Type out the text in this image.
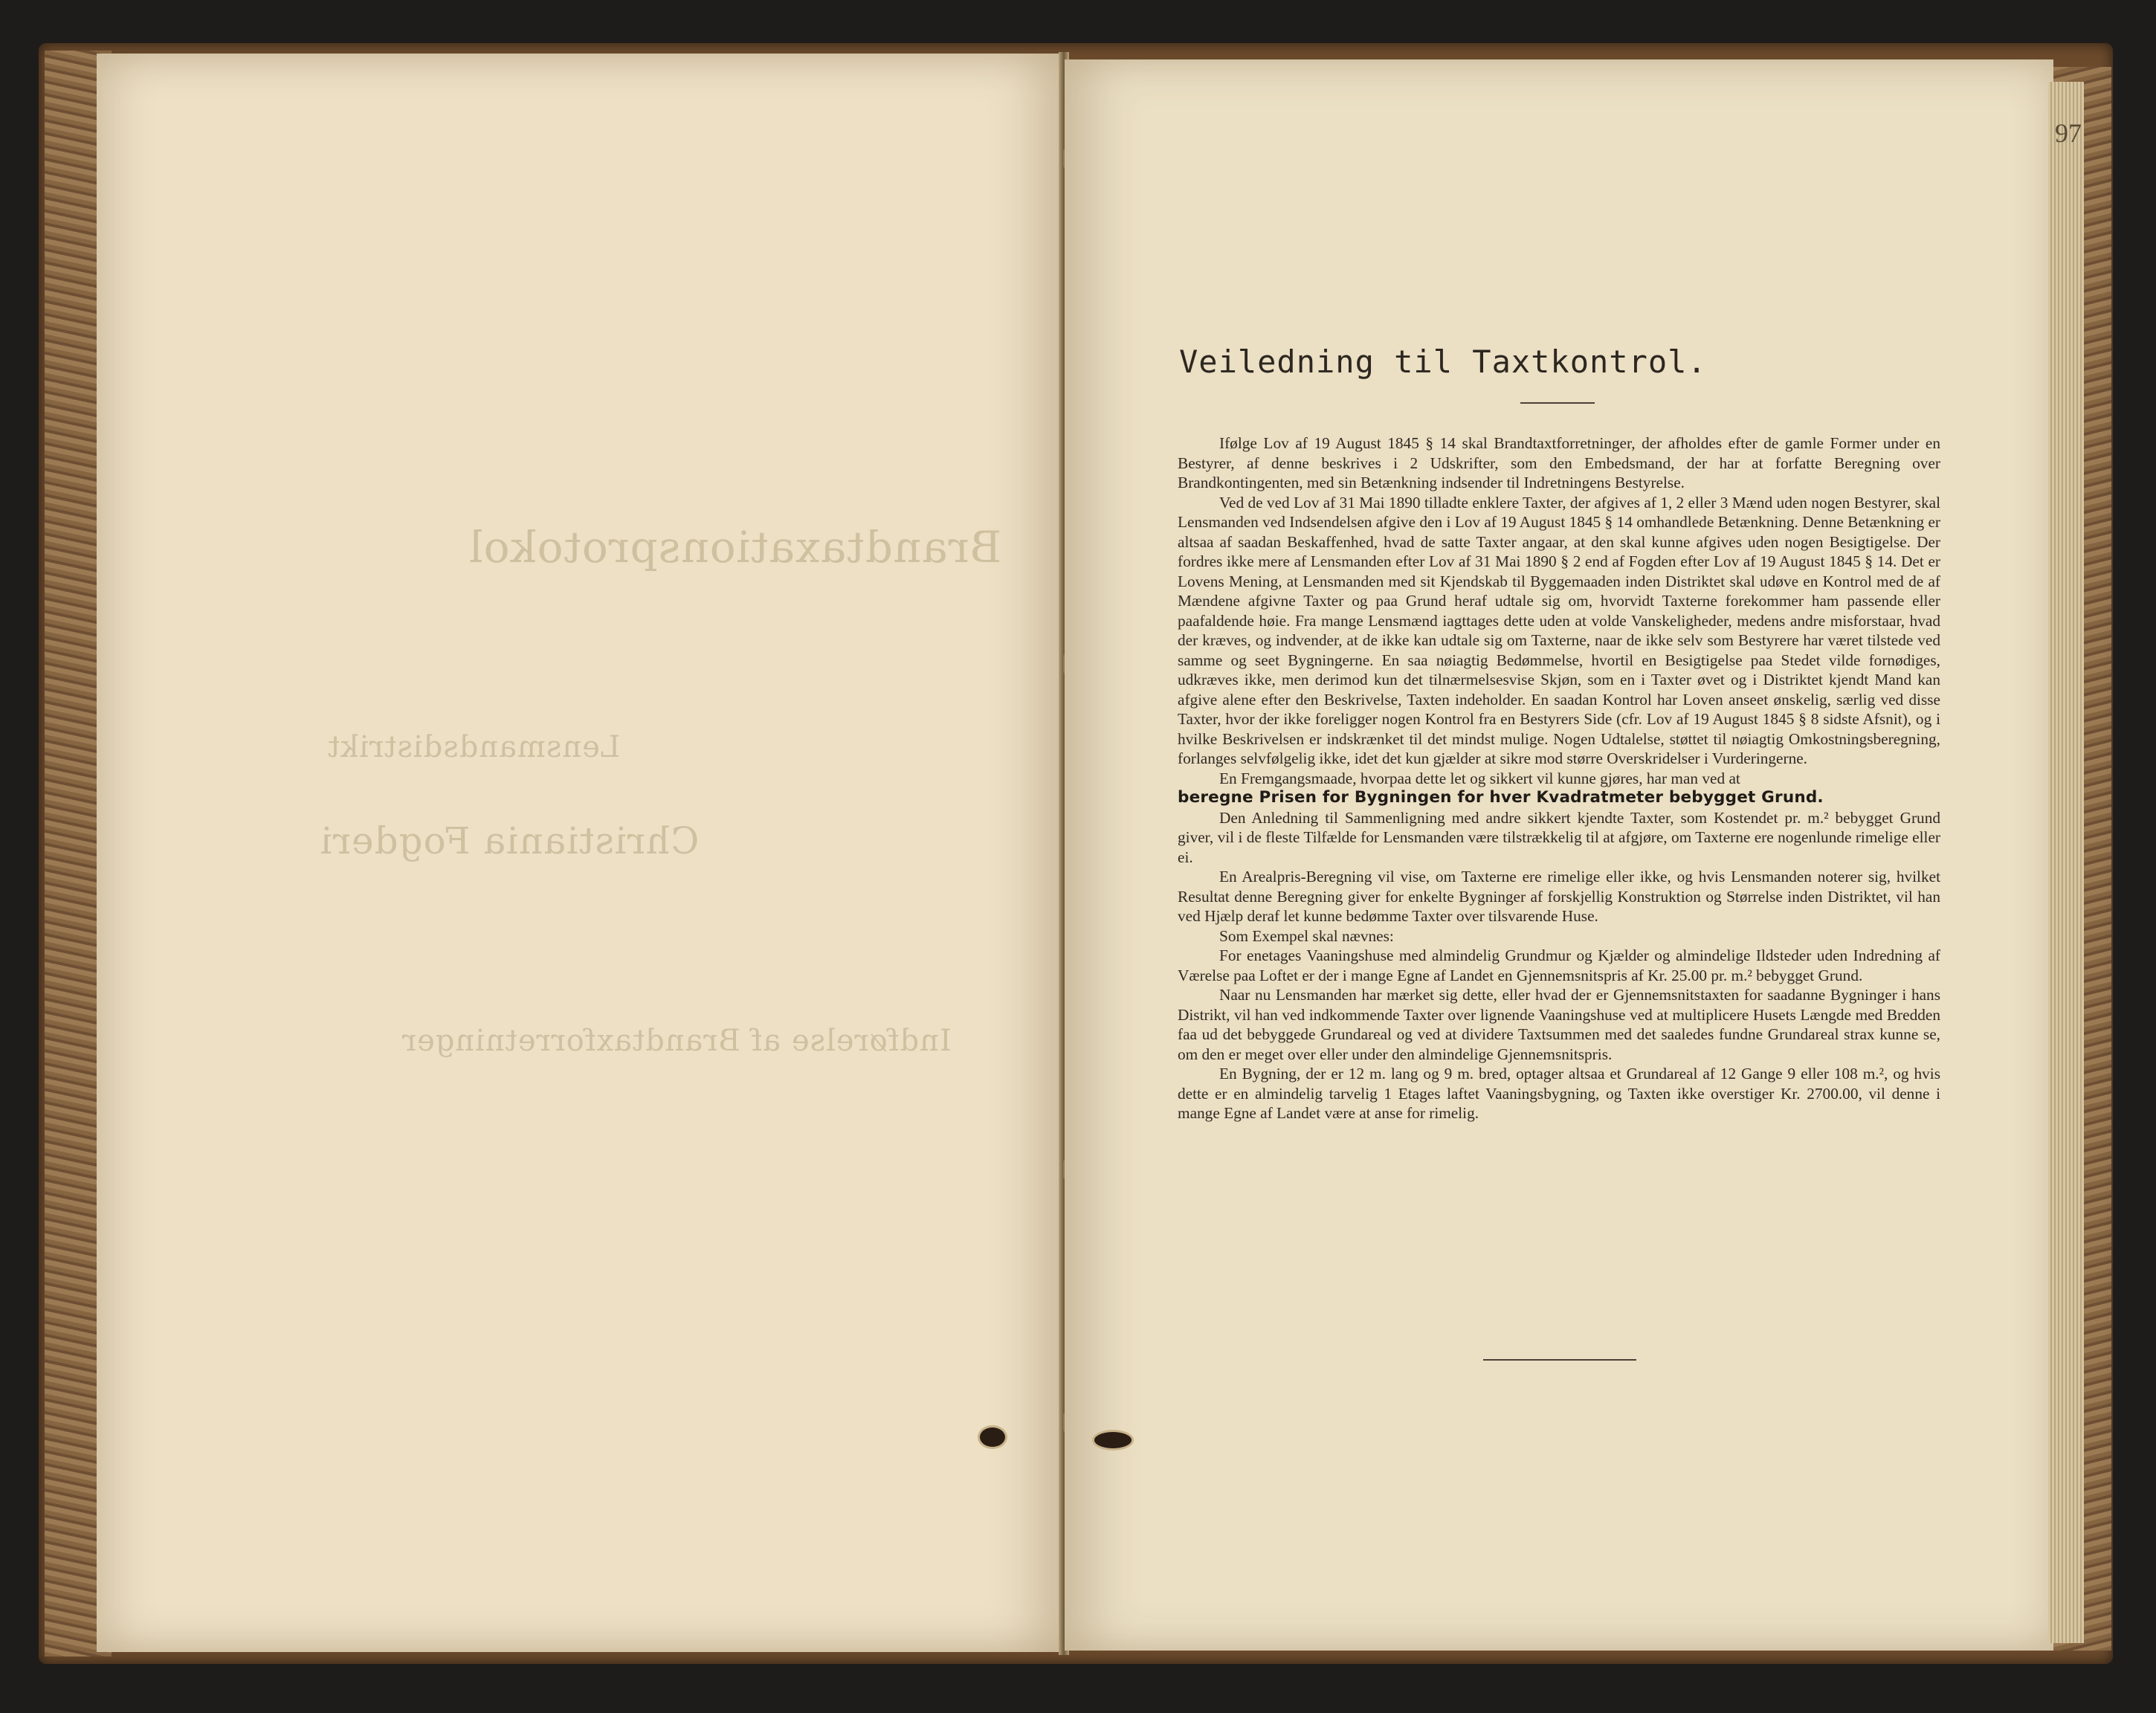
Brandtaxationsprotokol
Lensmandsdistrikt
Christiania Fogderi
Indførelse af Brandtaxforretninger
97
Veiledning til Taxtkontrol.

Ifølge Lov af 19 August 1845 § 14 skal Brandtaxtforretninger, der afholdes efter de gamle Former under en Bestyrer, af denne beskrives i 2 Udskrifter, som den Embedsmand, der har at forfatte Beregning over Brandkontingenten, med sin Betænkning indsender til Indretningens Bestyrelse.

Ved de ved Lov af 31 Mai 1890 tilladte enklere Taxter, der afgives af 1, 2 eller 3 Mænd uden nogen Bestyrer, skal Lensmanden ved Indsendelsen afgive den i Lov af 19 August 1845 § 14 omhandlede Betænkning. Denne Betænkning er altsaa af saadan Beskaffenhed, hvad de satte Taxter angaar, at den skal kunne afgives uden nogen Besigtigelse. Der fordres ikke mere af Lensmanden efter Lov af 31 Mai 1890 § 2 end af Fogden efter Lov af 19 August 1845 § 14. Det er Lovens Mening, at Lensmanden med sit Kjendskab til Byggemaaden inden Distriktet skal udøve en Kontrol med de af Mændene afgivne Taxter og paa Grund heraf udtale sig om, hvorvidt Taxterne forekommer ham passende eller paafaldende høie. Fra mange Lensmænd iagttages dette uden at volde Vanskeligheder, medens andre misforstaar, hvad der kræves, og indvender, at de ikke kan udtale sig om Taxterne, naar de ikke selv som Bestyrere har været tilstede ved samme og seet Bygningerne. En saa nøiagtig Bedømmelse, hvortil en Besigtigelse paa Stedet vilde fornødiges, udkræves ikke, men derimod kun det tilnærmelsesvise Skjøn, som en i Taxter øvet og i Distriktet kjendt Mand kan afgive alene efter den Beskrivelse, Taxten indeholder. En saadan Kontrol har Loven anseet ønskelig, særlig ved disse Taxter, hvor der ikke foreligger nogen Kontrol fra en Bestyrers Side (cfr. Lov af 19 August 1845 § 8 sidste Afsnit), og i hvilke Beskrivelsen er indskrænket til det mindst mulige. Nogen Udtalelse, støttet til nøiagtig Omkostningsberegning, forlanges selvfølgelig ikke, idet det kun gjælder at sikre mod større Overskridelser i Vurderingerne.

En Fremgangsmaade, hvorpaa dette let og sikkert vil kunne gjøres, har man ved at

beregne Prisen for Bygningen for hver Kvadratmeter bebygget Grund.

Den Anledning til Sammenligning med andre sikkert kjendte Taxter, som Kostendet pr. m.² bebygget Grund giver, vil i de fleste Tilfælde for Lensmanden være tilstrækkelig til at afgjøre, om Taxterne ere nogenlunde rimelige eller ei.

En Arealpris-Beregning vil vise, om Taxterne ere rimelige eller ikke, og hvis Lensmanden noterer sig, hvilket Resultat denne Beregning giver for enkelte Bygninger af forskjellig Konstruktion og Størrelse inden Distriktet, vil han ved Hjælp deraf let kunne bedømme Taxter over tilsvarende Huse.

Som Exempel skal nævnes:

For enetages Vaaningshuse med almindelig Grundmur og Kjælder og almindelige Ildsteder uden Indredning af Værelse paa Loftet er der i mange Egne af Landet en Gjennemsnitspris af Kr. 25.00 pr. m.² bebygget Grund.

Naar nu Lensmanden har mærket sig dette, eller hvad der er Gjennemsnitstaxten for saadanne Bygninger i hans Distrikt, vil han ved indkommende Taxter over lignende Vaaningshuse ved at multiplicere Husets Længde med Bredden faa ud det bebyggede Grundareal og ved at dividere Taxtsummen med det saaledes fundne Grundareal strax kunne se, om den er meget over eller under den almindelige Gjennemsnitspris.

En Bygning, der er 12 m. lang og 9 m. bred, optager altsaa et Grundareal af 12 Gange 9 eller 108 m.², og hvis dette er en almindelig tarvelig 1 Etages laftet Vaaningsbygning, og Taxten ikke overstiger Kr. 2700.00, vil denne i mange Egne af Landet være at anse for rimelig.
